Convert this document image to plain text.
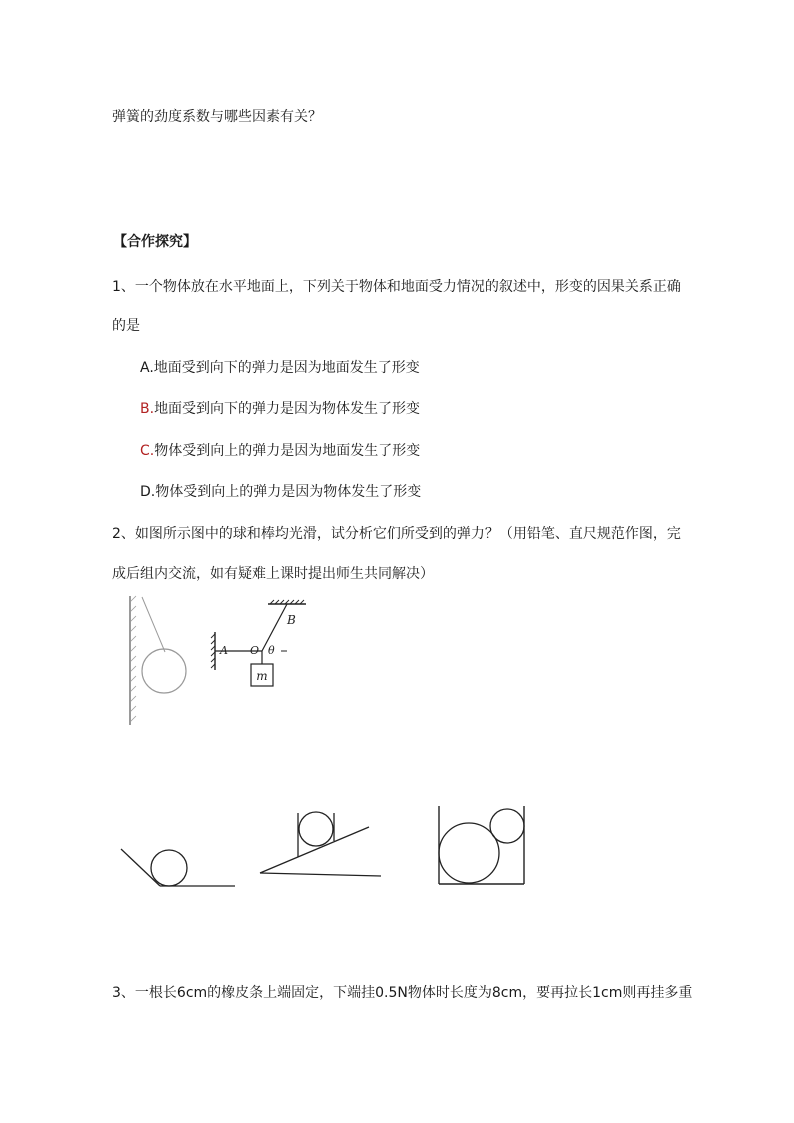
弹簧的劲度系数与哪些因素有关？
【合作探究】
1、一个物体放在水平地面上，下列关于物体和地面受力情况的叙述中，形变的因果关系正确
的是
A.地面受到向下的弹力是因为地面发生了形变
B.地面受到向下的弹力是因为物体发生了形变
C.物体受到向上的弹力是因为地面发生了形变
D.物体受到向上的弹力是因为物体发生了形变
2、如图所示图中的球和棒均光滑，试分析它们所受到的弹力？（用铅笔、直尺规范作图，完
成后组内交流，如有疑难上课时提出师生共同解决）
m
B
A O θ
3、一根长6cm的橡皮条上端固定，下端挂0.5N物体时长度为8cm，要再拉长1cm则再挂多重
